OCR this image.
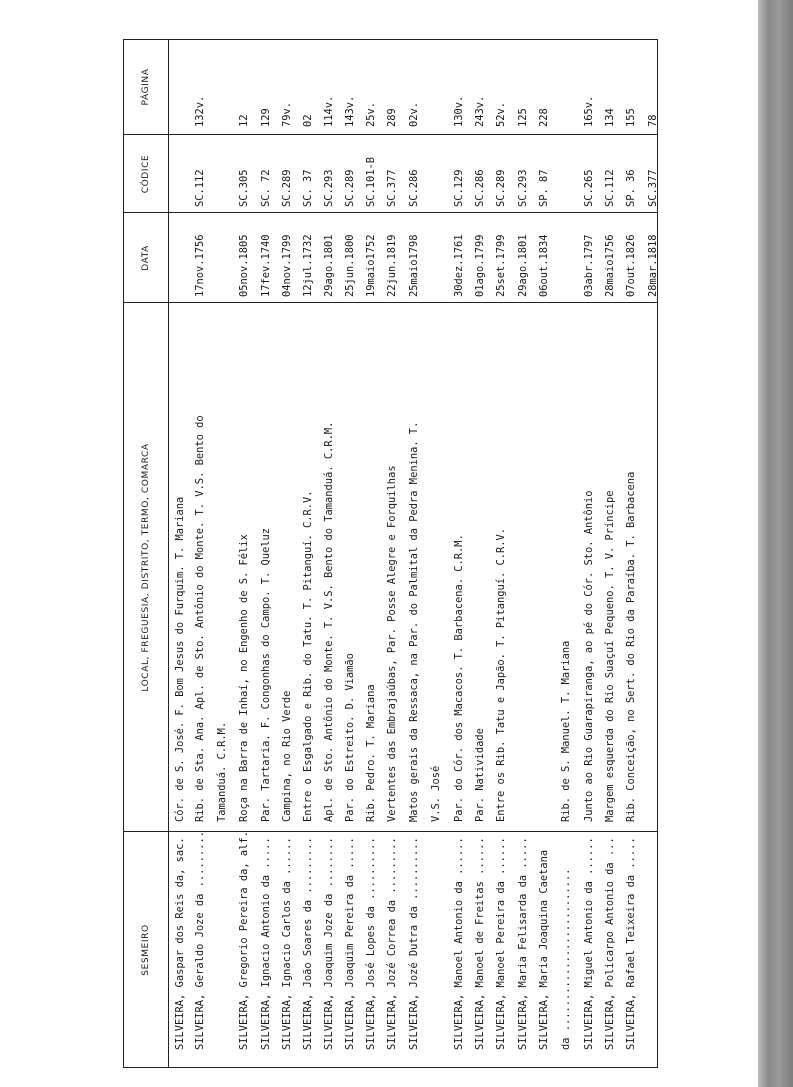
SESMEIRO
LOCAL, FREGUESIA, DISTRITO, TERMO, COMARCA
DATA
CÓDICE
PÁGINA
SILVEIRA, Gaspar dos Reis da, sac.
Cór. de S. José. F. Bom Jesus do Furquim. T. Mariana
SILVEIRA, Geraldo Joze da .........
Rib. de Sta. Ana. Apl. de Sto. Antônio do Monte. T. V.S. Bento do
17nov.1756
SC.112
132v.
Tamanduá. C.R.M.
SILVEIRA, Gregorio Pereira da, alf.
Roça na Barra de Inhaí, no Engenho de S. Félix
05nov.1805
SC.305
12
SILVEIRA, Ignacio Antonio da .....
Par. Tartaria. F. Congonhas do Campo. T. Queluz
17fev.1740
SC. 72
129
SILVEIRA, Ignacio Carlos da ......
Campina, no Rio Verde
04nov.1799
SC.289
79v.
SILVEIRA, João Soares da .........
Entre o Esgalgado e Rib. do Tatu. T. Pitanguí. C.R.V.
12jul.1732
SC. 37
02
SILVEIRA, Joaquim Joze da ........
Apl. de Sto. Antônio do Monte. T. V.S. Bento do Tamanduá. C.R.M.
29ago.1801
SC.293
114v.
SILVEIRA, Joaquim Pereira da .....
Par. do Estreito. D. Viamão
25jun.1800
SC.289
143v.
SILVEIRA, José Lopes da ..........
Rib. Pedro. T. Mariana
19maio1752
SC.101-B
25v.
SILVEIRA, Jozé Correa da .........
Vertentes das Embrajaúbas, Par. Posse Alegre e Forquilhas
22jun.1819
SC.377
289
SILVEIRA, Jozé Dutra da ..........
Matos gerais da Ressaca, na Par. do Palmital da Pedra Menina. T.
25maio1798
SC.286
02v.
V.S. José
SILVEIRA, Manoel Antonio da ......
Par. do Cór. dos Macacos. T. Barbacena. C.R.M.
30dez.1761
SC.129
130v.
SILVEIRA, Manoel de Freitas ......
Par. Natividade
01ago.1799
SC.286
243v.
SILVEIRA, Manoel Pereira da ......
Entre os Rib. Tatu e Japão. T. Pitanguí. C.R.V.
25set.1799
SC.289
52v.
SILVEIRA, Maria Felisarda da .....
29ago.1801
SC.293
125
SILVEIRA, Maria Joaquina Caetana
06out.1834
SP. 87
228
da ..........................
Rib. de S. Manuel. T. Mariana
SILVEIRA, Miguel Antonio da ......
Junto ao Rio Guarapiranga, ao pé do Cór. Sto. Antônio
03abr.1797
SC.265
165v.
SILVEIRA, Policarpo Antonio da ...
Margem esquerda do Rio Suaçuí Pequeno. T. V. Príncipe
28maio1756
SC.112
134
SILVEIRA, Rafael Teixeira da .....
Rib. Conceição, no Sert. do Rio da Paraíba. T. Barbacena
07out.1826
SP. 36
155
28mar.1818
SC.377
78
